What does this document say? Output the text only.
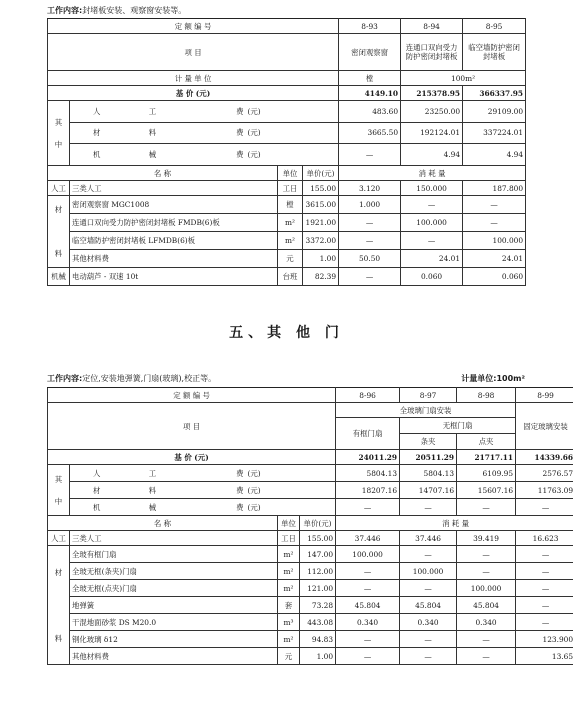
工作内容:封堵板安装、观察窗安装等。
定 额 编 号							8-93	8-94	8-95
项 目							密闭观察窗	连通口双向受力防护密闭封堵板	临空墙防护密闭封堵板
计 量 单 位							樘	100m²	
基 价 (元)							4149.10	215378.95	366337.95
其

中	人	工	费	(元)			483.60	23250.00	29109.00
	材	料	费	(元)			3665.50	192124.01	337224.01
	机	械	费	(元)			—	4.94	4.94
名 称					单位	单价(元)	消 耗 量		
人工	三类人工				工日	155.00	3.120	150.000	187.800
材

料	密闭观察窗 MGC1008				樘	3615.00	1.000	—	—
	连通口双向受力防护密闭封堵板 FMDB(6)板				m²	1921.00	—	100.000	—
	临空墙防护密闭封堵板 LFMDB(6)板				m²	3372.00	—	—	100.000
	其他材料费				元	1.00	50.50	24.01	24.01
机械	电动葫芦 - 双速 10t				台班	82.39	—	0.060	0.060
五、其 他 门
工作内容:定位,安装地弹簧,门扇(玻璃),校正等。	计量单位:100m²
定 额 编 号							8-96	8-97	8-98	8-99
项 目							全玻璃门扇安装			固定玻璃安装
							有框门扇	无框门扇		
								条夹	点夹	
基 价 (元)							24011.29	20511.29	21717.11	14339.66
其

中	人	工	费	(元)			5804.13	5804.13	6109.95	2576.57
	材	料	费	(元)			18207.16	14707.16	15607.16	11763.09
	机	械	费	(元)			—	—	—	—
名 称					单位	单价(元)	消 耗 量			
人工	三类人工				工日	155.00	37.446	37.446	39.419	16.623
材

料	全玻有框门扇				m²	147.00	100.000	—	—	—
	全玻无框(条夹)门扇				m²	112.00	—	100.000	—	—
	全玻无框(点夹)门扇				m²	121.00	—	—	100.000	—
	地弹簧				套	73.28	45.804	45.804	45.804	—
	干混地面砂浆 DS M20.0				m³	443.08	0.340	0.340	0.340	—
	钢化玻璃 δ12				m²	94.83	—	—	—	123.900
	其他材料费				元	1.00	—	—	—	13.65
